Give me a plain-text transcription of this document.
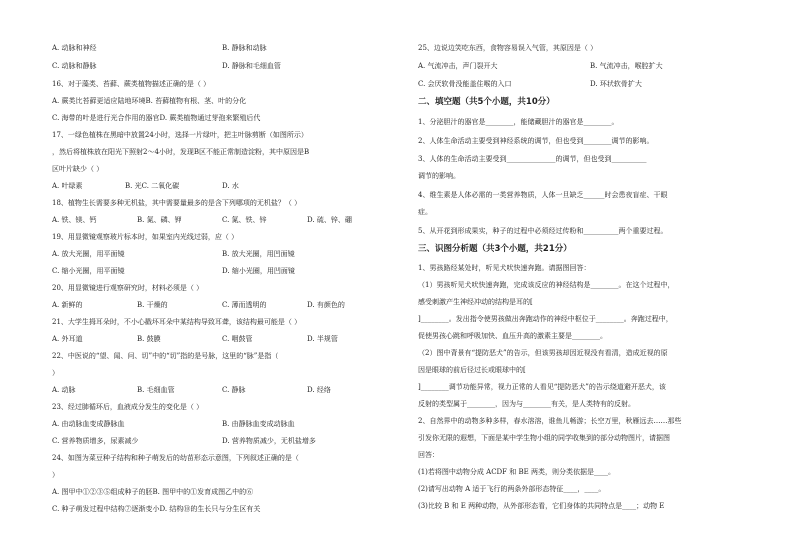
A. 动脉和神经	B. 静脉和动脉
C. 动脉和静脉	D. 静脉和毛细血管
16、对于藻类、苔藓、蕨类植物描述正确的是（ ）
A. 蕨类比苔藓更适应陆地环境B. 苔藓植物有根、茎、叶的分化
C. 海带的叶是进行光合作用的器官D. 蕨类植物通过芽孢来繁殖后代
17、一绿色植株在黑暗中放置24小时，选择一片绿叶，把主叶脉剪断（如图所示）
，然后将植株放在阳光下照射2～4小时，发现B区不能正常制造淀粉，其中原因是B
区叶片缺少（ ）
A. 叶绿素	B. 光C. 二氧化碳	D. 水
18、植物生长需要多种无机盐，其中需要量最多的是含下列哪项的无机盐？（ ）
A. 铁、镁、钙	B. 氮、磷、钾	C. 氮、铁、锌	D. 硫、锌、硼
19、用显微镜观察玻片标本时，如果室内光线过弱，应（ ）
A. 放大光圈，用平面镜	B. 放大光圈，用凹面镜
C. 缩小光圈，用平面镜	D. 缩小光圈，用凹面镜
20、用显微镜进行观察研究时，材料必须是（ ）
A. 新鲜的	B. 干燥的	C. 薄而透明的	D. 有颜色的
21、大学生拇耳朵时，不小心戳坏耳朵中某结构导致耳聋，该结构最可能是（ ）
A. 外耳道	B. 鼓膜	C. 咽鼓管	D. 半规管
22、中医说的“望、闻、问、切”中的“切”指的是号脉，这里的“脉”是指（
）
A. 动脉	B. 毛细血管	C. 静脉	D. 经络
23、经过肺循环后，血液成分发生的变化是（ ）
A. 由动脉血变成静脉血	B. 由静脉血变成动脉血
C. 营养物质增多，尿素减少	D. 营养物质减少，无机盐增多
24、如图为菜豆种子结构和种子萌发后的幼苗形态示意图，下列叙述正确的是（
）
A. 图甲中①②③⑤组成种子的胚B. 图甲中的①发育成图乙中的⑥
C. 种子萌发过程中结构⑦逐渐变小D. 结构⑩的生长只与分生区有关
25、边说边笑吃东西，食物容易误入气管，其原因是（ ）
A. 气流冲击，声门裂开大	B. 气流冲击，喉腔扩大
C. 会厌软骨没能盖住喉的入口	D. 环状软骨扩大
二、填空题（共5个小题，共10分）
1、分泌胆汁的器官是________，能储藏胆汁的器官是________。
2、人体生命活动主要受到神经系统的调节，但也受到________调节的影响。
3、人体的生命活动主要受到______________的调节，但也受到__________
调节的影响。
4、维生素是人体必需的一类营养物质，人体一旦缺乏______时会患夜盲症、干眼
症。
5、从开花到形成果实，种子的过程中必须经过传粉和__________两个重要过程。
三、识图分析题（共3个小题，共21分）
1、男孩路经某处时，听见犬吠快速奔跑。请据图回答：
（1）男孩听见犬吠快速奔跑，完成该反应的神经结构是________。在这个过程中，
感受刺激产生神经冲动的结构是耳的[
]________。发出指令使男孩做出奔跑动作的神经中枢位于________。奔跑过程中，
促使男孩心跳和呼吸加快、血压升高的激素主要是________。
（2）图中背景有“提防恶犬”的告示，但该男孩却因近视没有看清，造成近视的原
因是眼球的前后径过长或眼球中的[
]________调节功能异常，视力正常的人看见“提防恶犬”的告示绕道避开恶犬，该
反射的类型属于________，因为与________有关，是人类特有的反射。
2、自然界中的动物多种多样，春水溶溶，谁鱼儿畅游；长空万里，秋雁远去……那些
引发你无限的遐想，下面是某中学生物小组的同学收集到的部分动物图片，请据图
回答：
(1)若将图中动物分成 ACDF 和 BE 两类，则分类依据是____。
(2)请写出动物 A 适于飞行的两条外部形态特征____，____。
(3)比较 B 和 E 两种动物，从外部形态看，它们身体的共同特点是____；动物 E
